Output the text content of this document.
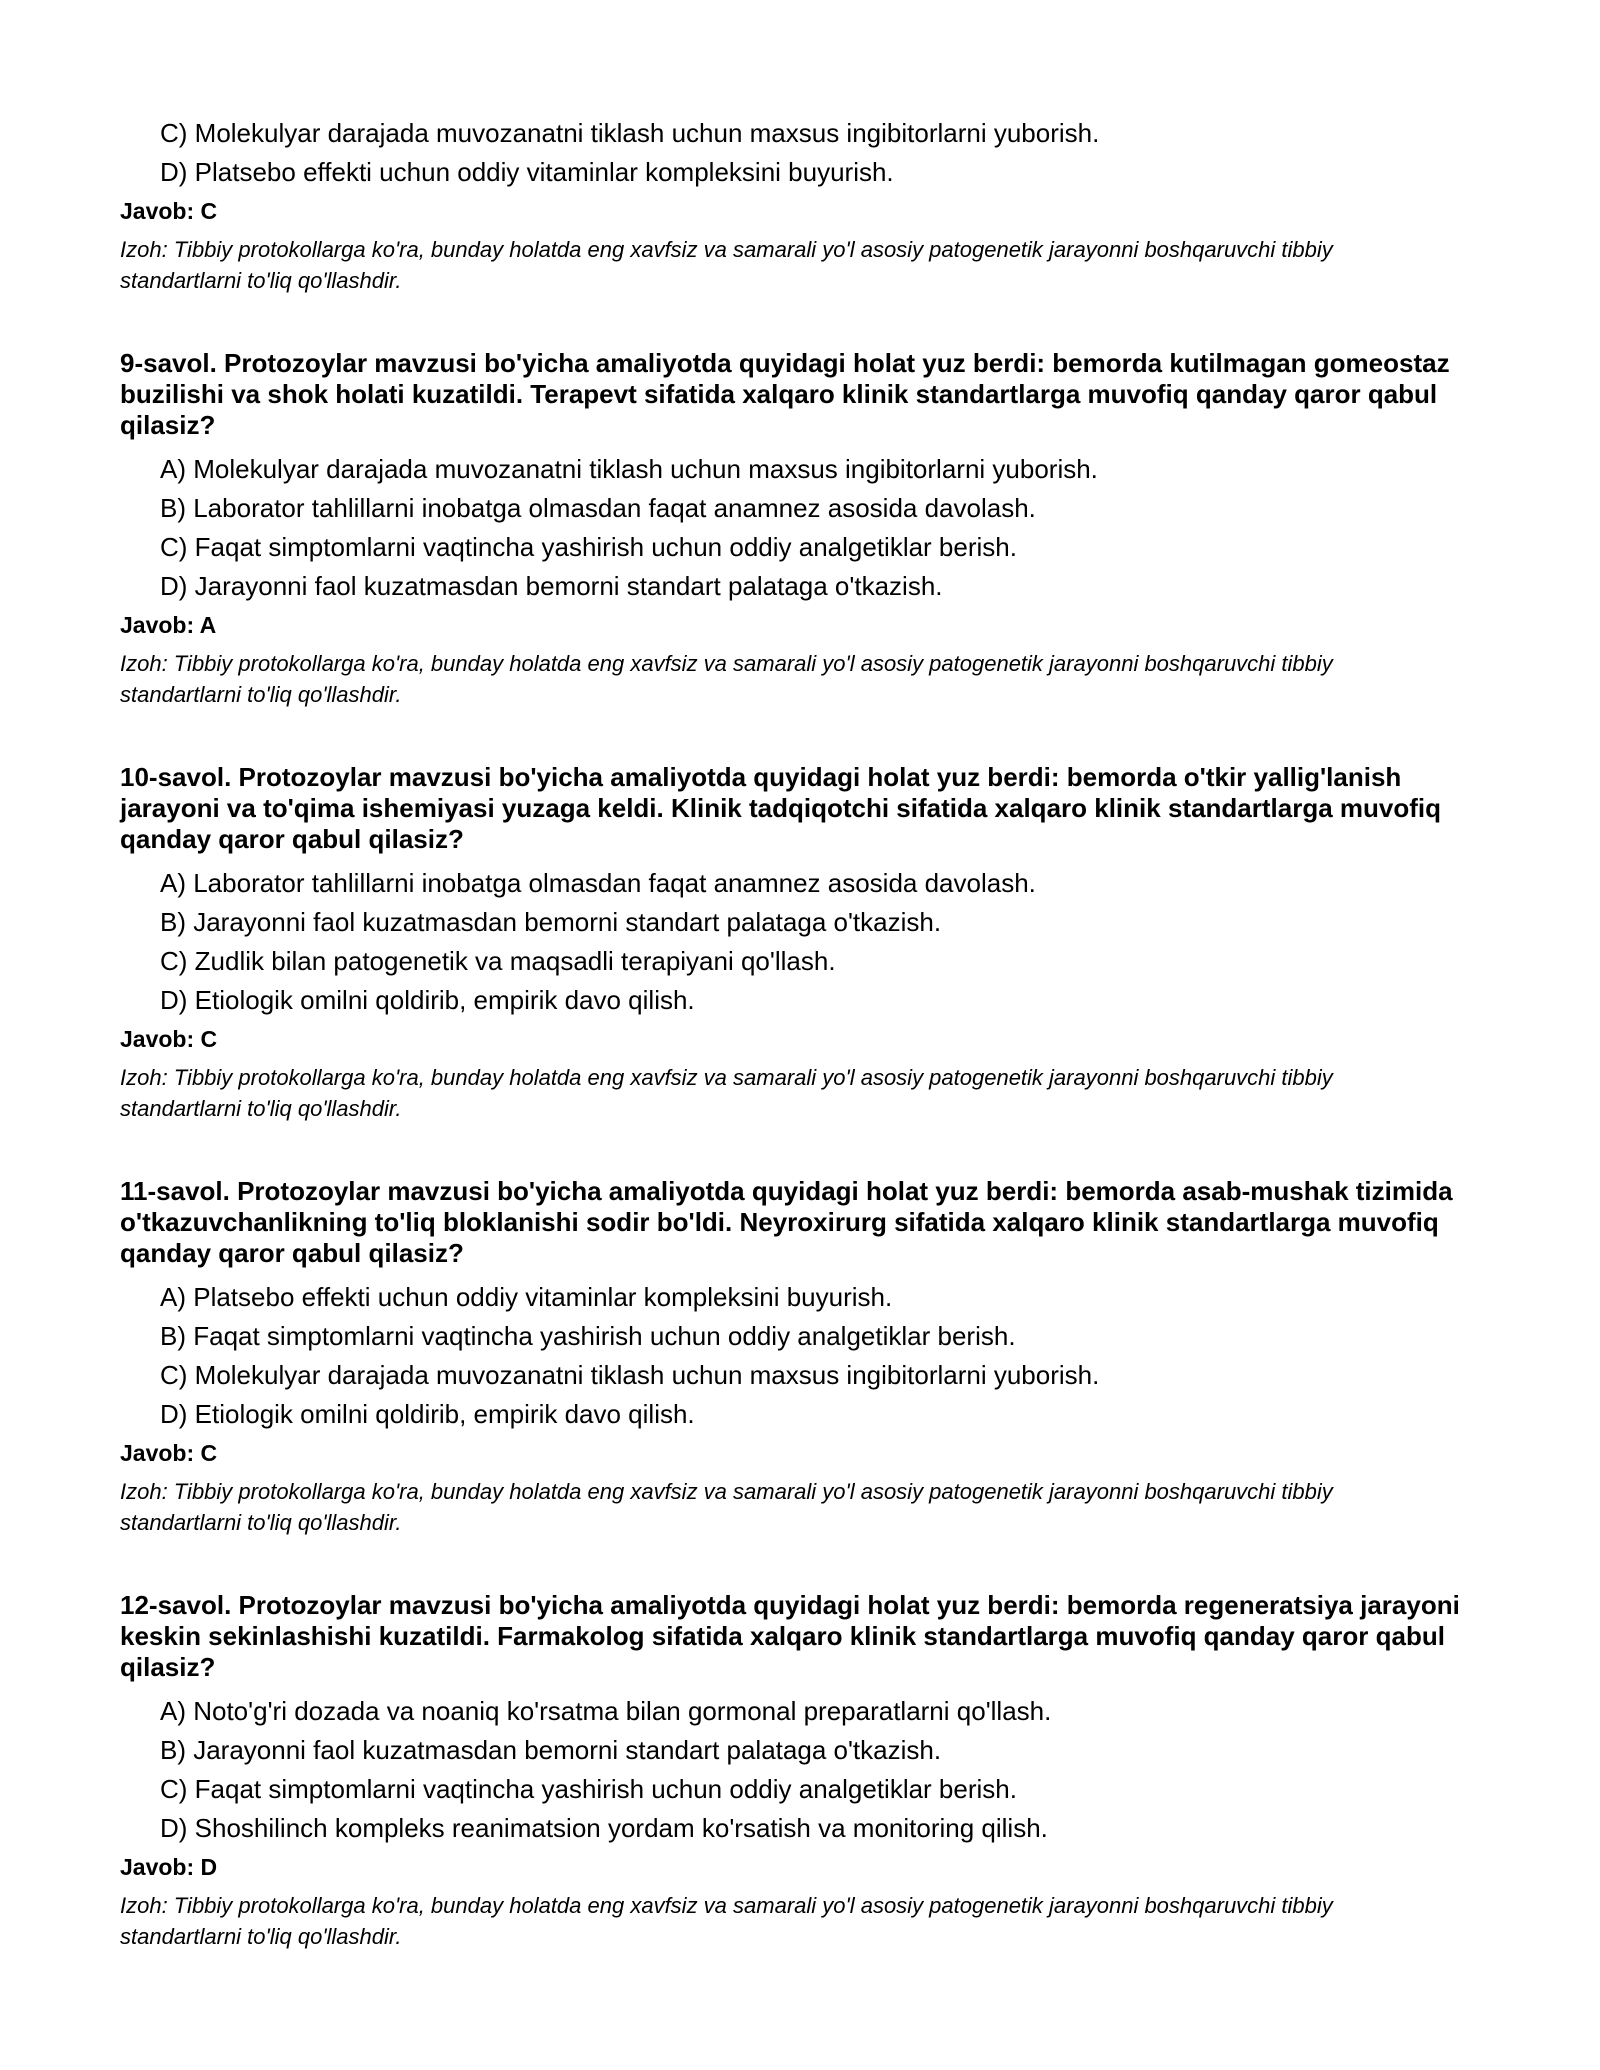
C) Molekulyar darajada muvozanatni tiklash uchun maxsus ingibitorlarni yuborish.
D) Platsebo effekti uchun oddiy vitaminlar kompleksini buyurish.
Javob: C
Izoh: Tibbiy protokollarga ko'ra, bunday holatda eng xavfsiz va samarali yo'l asosiy patogenetik jarayonni boshqaruvchi tibbiy standartlarni to'liq qo'llashdir.
9-savol. Protozoylar mavzusi bo'yicha amaliyotda quyidagi holat yuz berdi: bemorda kutilmagan gomeostaz buzilishi va shok holati kuzatildi. Terapevt sifatida xalqaro klinik standartlarga muvofiq qanday qaror qabul qilasiz?
A) Molekulyar darajada muvozanatni tiklash uchun maxsus ingibitorlarni yuborish.
B) Laborator tahlillarni inobatga olmasdan faqat anamnez asosida davolash.
C) Faqat simptomlarni vaqtincha yashirish uchun oddiy analgetiklar berish.
D) Jarayonni faol kuzatmasdan bemorni standart palataga o'tkazish.
Javob: A
Izoh: Tibbiy protokollarga ko'ra, bunday holatda eng xavfsiz va samarali yo'l asosiy patogenetik jarayonni boshqaruvchi tibbiy standartlarni to'liq qo'llashdir.
10-savol. Protozoylar mavzusi bo'yicha amaliyotda quyidagi holat yuz berdi: bemorda o'tkir yallig'lanish jarayoni va to'qima ishemiyasi yuzaga keldi. Klinik tadqiqotchi sifatida xalqaro klinik standartlarga muvofiq qanday qaror qabul qilasiz?
A) Laborator tahlillarni inobatga olmasdan faqat anamnez asosida davolash.
B) Jarayonni faol kuzatmasdan bemorni standart palataga o'tkazish.
C) Zudlik bilan patogenetik va maqsadli terapiyani qo'llash.
D) Etiologik omilni qoldirib, empirik davo qilish.
Javob: C
Izoh: Tibbiy protokollarga ko'ra, bunday holatda eng xavfsiz va samarali yo'l asosiy patogenetik jarayonni boshqaruvchi tibbiy standartlarni to'liq qo'llashdir.
11-savol. Protozoylar mavzusi bo'yicha amaliyotda quyidagi holat yuz berdi: bemorda asab-mushak tizimida o'tkazuvchanlikning to'liq bloklanishi sodir bo'ldi. Neyroxirurg sifatida xalqaro klinik standartlarga muvofiq qanday qaror qabul qilasiz?
A) Platsebo effekti uchun oddiy vitaminlar kompleksini buyurish.
B) Faqat simptomlarni vaqtincha yashirish uchun oddiy analgetiklar berish.
C) Molekulyar darajada muvozanatni tiklash uchun maxsus ingibitorlarni yuborish.
D) Etiologik omilni qoldirib, empirik davo qilish.
Javob: C
Izoh: Tibbiy protokollarga ko'ra, bunday holatda eng xavfsiz va samarali yo'l asosiy patogenetik jarayonni boshqaruvchi tibbiy standartlarni to'liq qo'llashdir.
12-savol. Protozoylar mavzusi bo'yicha amaliyotda quyidagi holat yuz berdi: bemorda regeneratsiya jarayoni keskin sekinlashishi kuzatildi. Farmakolog sifatida xalqaro klinik standartlarga muvofiq qanday qaror qabul qilasiz?
A) Noto'g'ri dozada va noaniq ko'rsatma bilan gormonal preparatlarni qo'llash.
B) Jarayonni faol kuzatmasdan bemorni standart palataga o'tkazish.
C) Faqat simptomlarni vaqtincha yashirish uchun oddiy analgetiklar berish.
D) Shoshilinch kompleks reanimatsion yordam ko'rsatish va monitoring qilish.
Javob: D
Izoh: Tibbiy protokollarga ko'ra, bunday holatda eng xavfsiz va samarali yo'l asosiy patogenetik jarayonni boshqaruvchi tibbiy standartlarni to'liq qo'llashdir.
